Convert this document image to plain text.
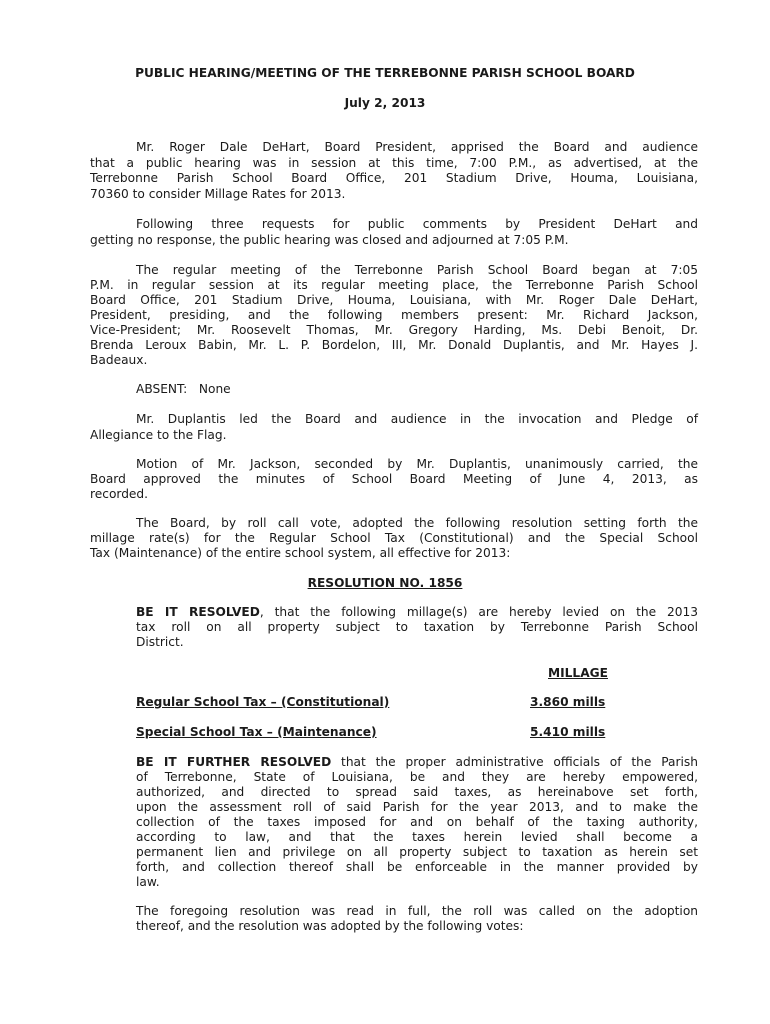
PUBLIC HEARING/MEETING OF THE TERREBONNE PARISH SCHOOL BOARD

July 2, 2013

Mr. Roger Dale DeHart, Board President, apprised the Board and audience

that a public hearing was in session at this time, 7:00 P.M., as advertised, at the

Terrebonne Parish School Board Office, 201 Stadium Drive, Houma, Louisiana,

70360 to consider Millage Rates for 2013.

Following three requests for public comments by President DeHart and

getting no response, the public hearing was closed and adjourned at 7:05 P.M.

The regular meeting of the Terrebonne Parish School Board began at 7:05

P.M. in regular session at its regular meeting place, the Terrebonne Parish School

Board Office, 201 Stadium Drive, Houma, Louisiana, with Mr. Roger Dale DeHart,

President, presiding, and the following members present: Mr. Richard Jackson,

Vice-President; Mr. Roosevelt Thomas, Mr. Gregory Harding, Ms. Debi Benoit, Dr.

Brenda Leroux Babin, Mr. L. P. Bordelon, III, Mr. Donald Duplantis, and Mr. Hayes J.

Badeaux.

ABSENT:   None

Mr. Duplantis led the Board and audience in the invocation and Pledge of

Allegiance to the Flag.

Motion of Mr. Jackson, seconded by Mr. Duplantis, unanimously carried, the

Board approved the minutes of School Board Meeting of June 4, 2013, as

recorded.

The Board, by roll call vote, adopted the following resolution setting forth the

millage rate(s) for the Regular School Tax (Constitutional) and the Special School

Tax (Maintenance) of the entire school system, all effective for 2013:

RESOLUTION NO. 1856

BE IT RESOLVED, that the following millage(s) are hereby levied on the 2013

tax roll on all property subject to taxation by Terrebonne Parish School

District.

MILLAGE

Regular School Tax – (Constitutional)	3.860 mills

Special School Tax – (Maintenance)	5.410 mills

BE IT FURTHER RESOLVED that the proper administrative officials of the Parish

of Terrebonne, State of Louisiana, be and they are hereby empowered,

authorized, and directed to spread said taxes, as hereinabove set forth,

upon the assessment roll of said Parish for the year 2013, and to make the

collection of the taxes imposed for and on behalf of the taxing authority,

according to law, and that the taxes herein levied shall become a

permanent lien and privilege on all property subject to taxation as herein set

forth, and collection thereof shall be enforceable in the manner provided by

law.

The foregoing resolution was read in full, the roll was called on the adoption

thereof, and the resolution was adopted by the following votes:
